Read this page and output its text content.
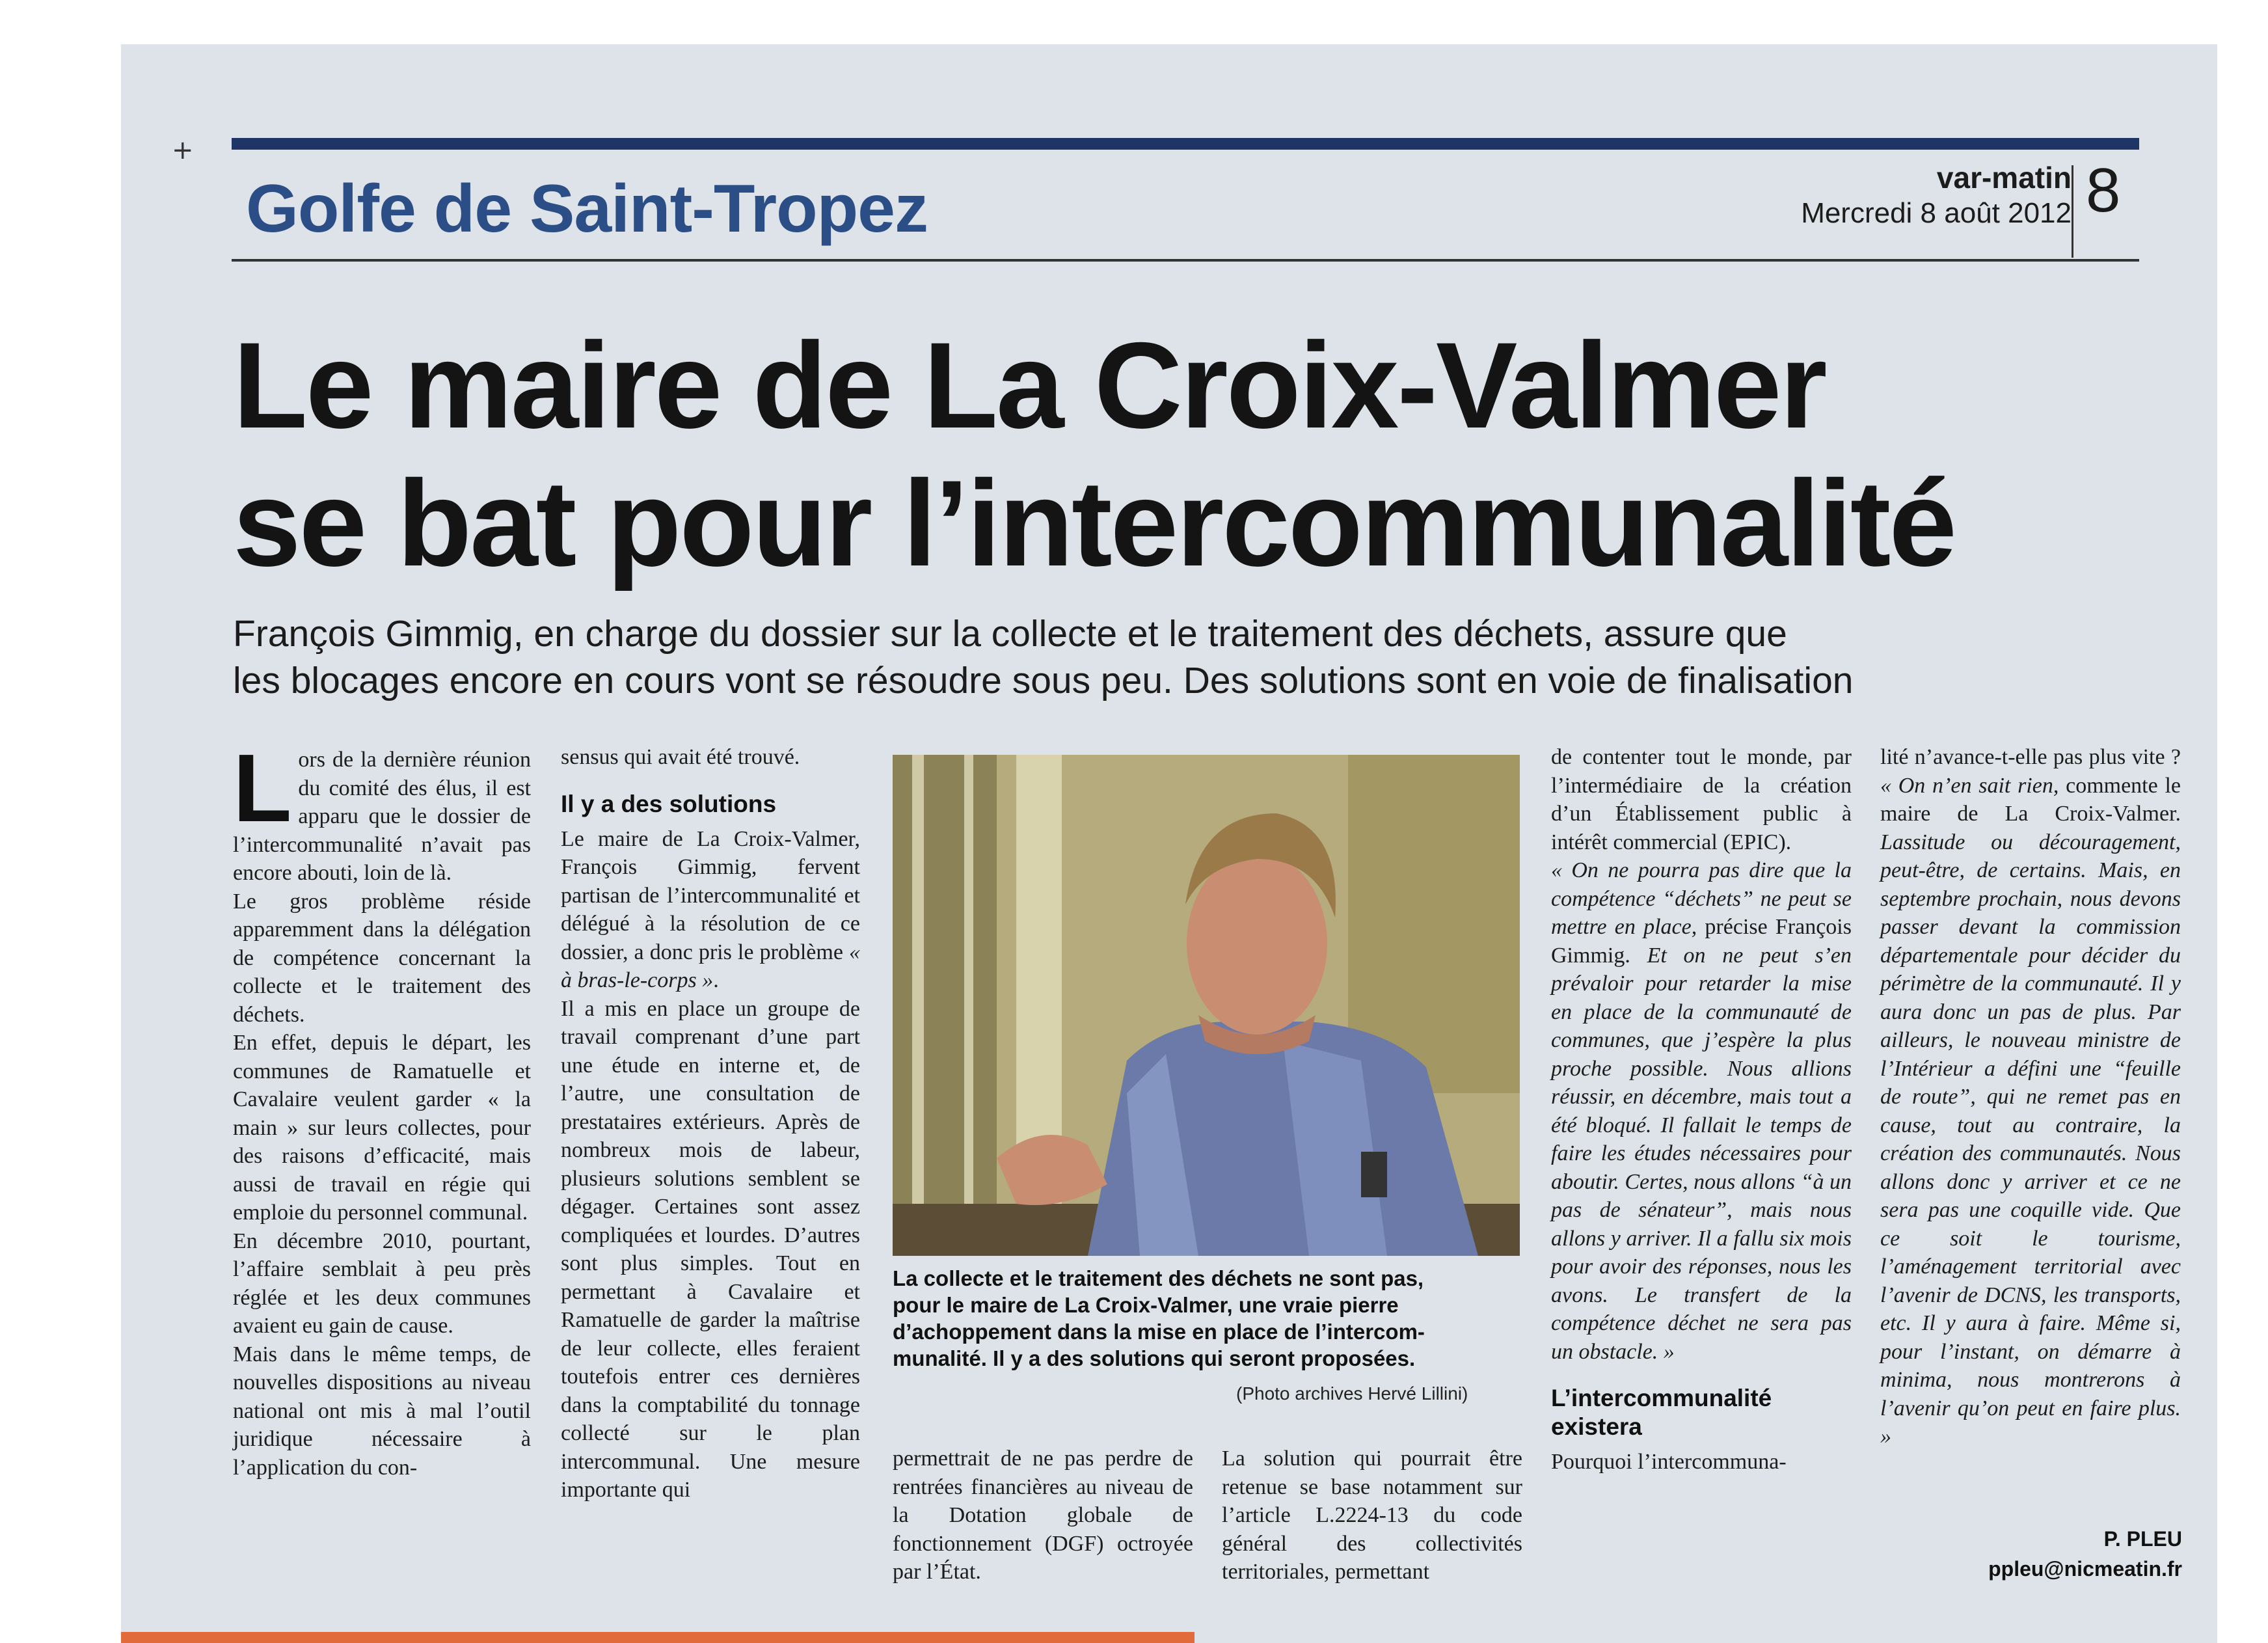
+
Golfe de Saint-Tropez	var-matin
Mercredi 8 août 2012 8
Le maire de La Croix-Valmer
se bat pour l’intercommunalité
François Gimmig, en charge du dossier sur la collecte et le traitement des déchets, assure que
les blocages encore en cours vont se résoudre sous peu. Des solutions sont en voie de finalisation

Lors de la dernière réunion du comité des élus, il est apparu que le dossier de l’intercommunalité n’avait pas encore abouti, loin de là.

Le gros problème réside apparemment dans la délégation de compétence concernant la collecte et le traitement des déchets.

En effet, depuis le départ, les communes de Ramatuelle et Cavalaire veulent garder « la main » sur leurs collectes, pour des raisons d’efficacité, mais aussi de travail en régie qui emploie du personnel communal.

En décembre 2010, pourtant, l’affaire semblait à peu près réglée et les deux communes avaient eu gain de cause.

Mais dans le même temps, de nouvelles dispositions au niveau national ont mis à mal l’outil juridique nécessaire à l’application du con-

sensus qui avait été trouvé.

Il y a des solutions

Le maire de La Croix-Valmer, François Gimmig, fervent partisan de l’intercommunalité et délégué à la résolution de ce dossier, a donc pris le problème « à bras-le-corps ».

Il a mis en place un groupe de travail comprenant d’une part une étude en interne et, de l’autre, une consultation de prestataires extérieurs. Après de nombreux mois de labeur, plusieurs solutions semblent se dégager. Certaines sont assez compliquées et lourdes. D’autres sont plus simples. Tout en permettant à Cavalaire et Ramatuelle de garder la maîtrise de leur collecte, elles feraient toutefois entrer ces dernières dans la comptabilité du tonnage collecté sur le plan intercommunal. Une mesure importante qui

La collecte et le traitement des déchets ne sont pas,
pour le maire de La Croix-Valmer, une vraie pierre
d’achoppement dans la mise en place de l’intercom-
munalité. Il y a des solutions qui seront proposées.
(Photo archives Hervé Lillini)

permettrait de ne pas perdre de rentrées financières au niveau de la Dotation globale de fonctionnement (DGF) octroyée par l’État.

La solution qui pourrait être retenue se base notamment sur l’article L.2224-13 du code général des collectivités territoriales, permettant

de contenter tout le monde, par l’intermédiaire de la création d’un Établissement public à intérêt commercial (EPIC).

« On ne pourra pas dire que la compétence “déchets” ne peut se mettre en place, précise François Gimmig. Et on ne peut s’en prévaloir pour retarder la mise en place de la communauté de communes, que j’espère la plus proche possible. Nous allions réussir, en décembre, mais tout a été bloqué. Il fallait le temps de faire les études nécessaires pour aboutir. Certes, nous allons “à un pas de sénateur”, mais nous allons y arriver. Il a fallu six mois pour avoir des réponses, nous les avons. Le transfert de la compétence déchet ne sera pas un obstacle. »

L’intercommunalité existera

Pourquoi l’intercommuna-

lité n’avance-t-elle pas plus vite ? « On n’en sait rien, commente le maire de La Croix-Valmer. Lassitude ou découragement, peut-être, de certains. Mais, en septembre prochain, nous devons passer devant la commission départementale pour décider du périmètre de la communauté. Il y aura donc un pas de plus. Par ailleurs, le nouveau ministre de l’Intérieur a défini une “feuille de route”, qui ne remet pas en cause, tout au contraire, la création des communautés. Nous allons donc y arriver et ce ne sera pas une coquille vide. Que ce soit le tourisme, l’aménagement territorial avec l’avenir de DCNS, les transports, etc. Il y aura à faire. Même si, pour l’instant, on démarre à minima, nous montrerons à l’avenir qu’on peut en faire plus. »

P. PLEU
ppleu@nicmeatin.fr
